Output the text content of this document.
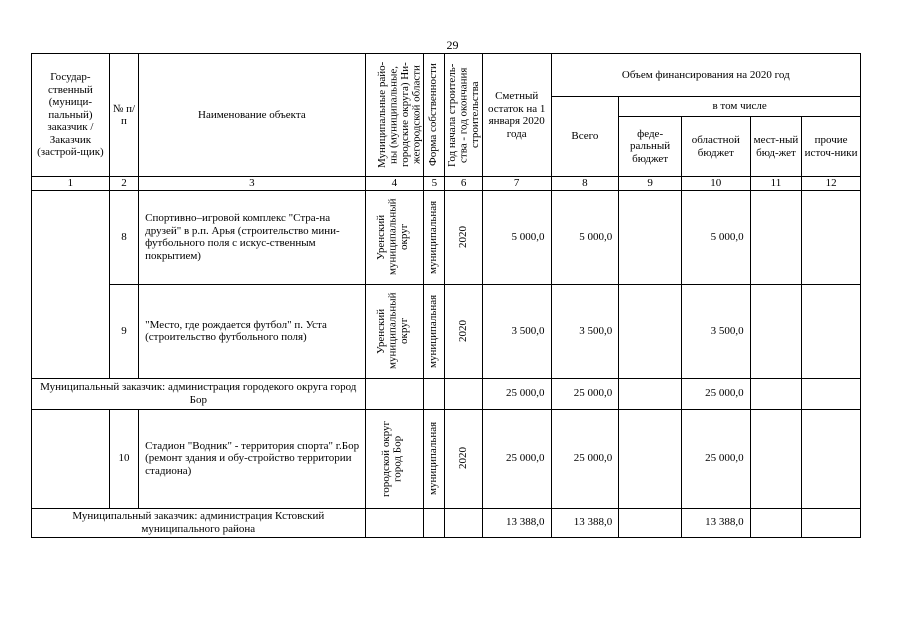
29
Государ-ственный (муници-пальный) заказчик / Заказчик (застрой-щик)	№ п/п	Наименование объекта	Муниципальные райо-ны (муниципальные, городские округа) Ни-жегородской области	Форма собственности	Год начала строитель-ства - год окончания строительства	Сметный остаток на 1 января 2020 года	Объем финансирования на 2020 год				
							Всего	в том числе			
								феде-ральный бюджет	областной бюджет	мест-ный бюд-жет	прочие источ-ники
1	2	3	4	5	6	7	8	9	10	11	12
	8	Спортивно–игровой комплекс "Стра-на друзей" в р.п. Арья (строительство мини-футбольного поля с искус-ственным покрытием)	Уренский муниципальный округ	муниципальная	2020	5 000,0	5 000,0		5 000,0		
	9	"Место, где рождается футбол" п. Уста (строительство футбольного поля)	Уренский муниципальный округ	муниципальная	2020	3 500,0	3 500,0		3 500,0		
Муниципальный заказчик: администрация городекого округа город Бор						25 000,0	25 000,0		25 000,0		
	10	Стадион "Водник" - территория спорта" г.Бор (ремонт здания и обу-стройство территории стадиона)	городской округ город Бор	муниципальная	2020	25 000,0	25 000,0		25 000,0		
Муниципальный заказчик: администрация Кстовский муниципального района						13 388,0	13 388,0		13 388,0		
